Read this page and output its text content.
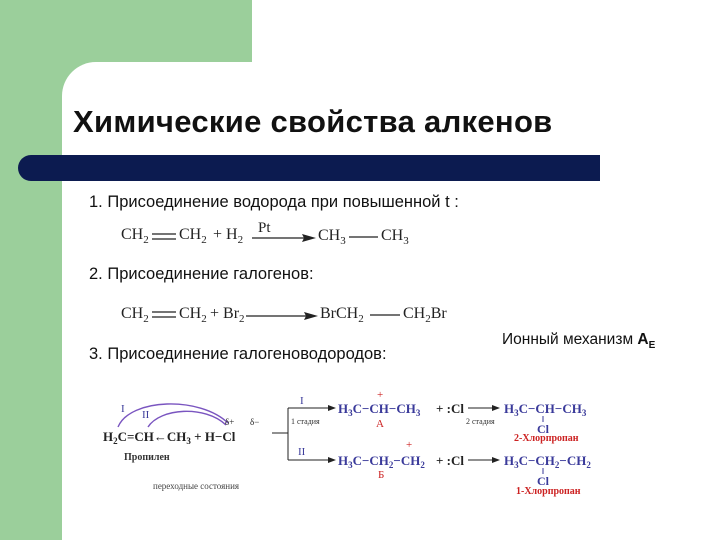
Химические свойства алкенов
1. Присоединение водорода при повышенной t :
2. Присоединение галогенов:
3. Присоединение галогеноводородов:
Ионный механизм $A_E$
$CH_2$ $CH_2 + H_2$
Pt	$CH_3$ $CH_3$
$CH_2$ $CH_2 + Br_2$	BrCH$_2$ $CH_2Br$
I II
$H_2C=CH\leftarrow CH_3 + H-Cl$
δ+ δ−
Пропилен
переходные состояния
I
II
1 стадия	2 стадия
$H_3C-CH-CH_3$
+
A
+ :Cl
$H_3C-CH_2-CH_2$
+
Б
+ :Cl
$H_3C-CH-CH_3$
Cl
2-Хлорпропан
$H_3C-CH_2-CH_2$
Cl
1-Хлорпропан
